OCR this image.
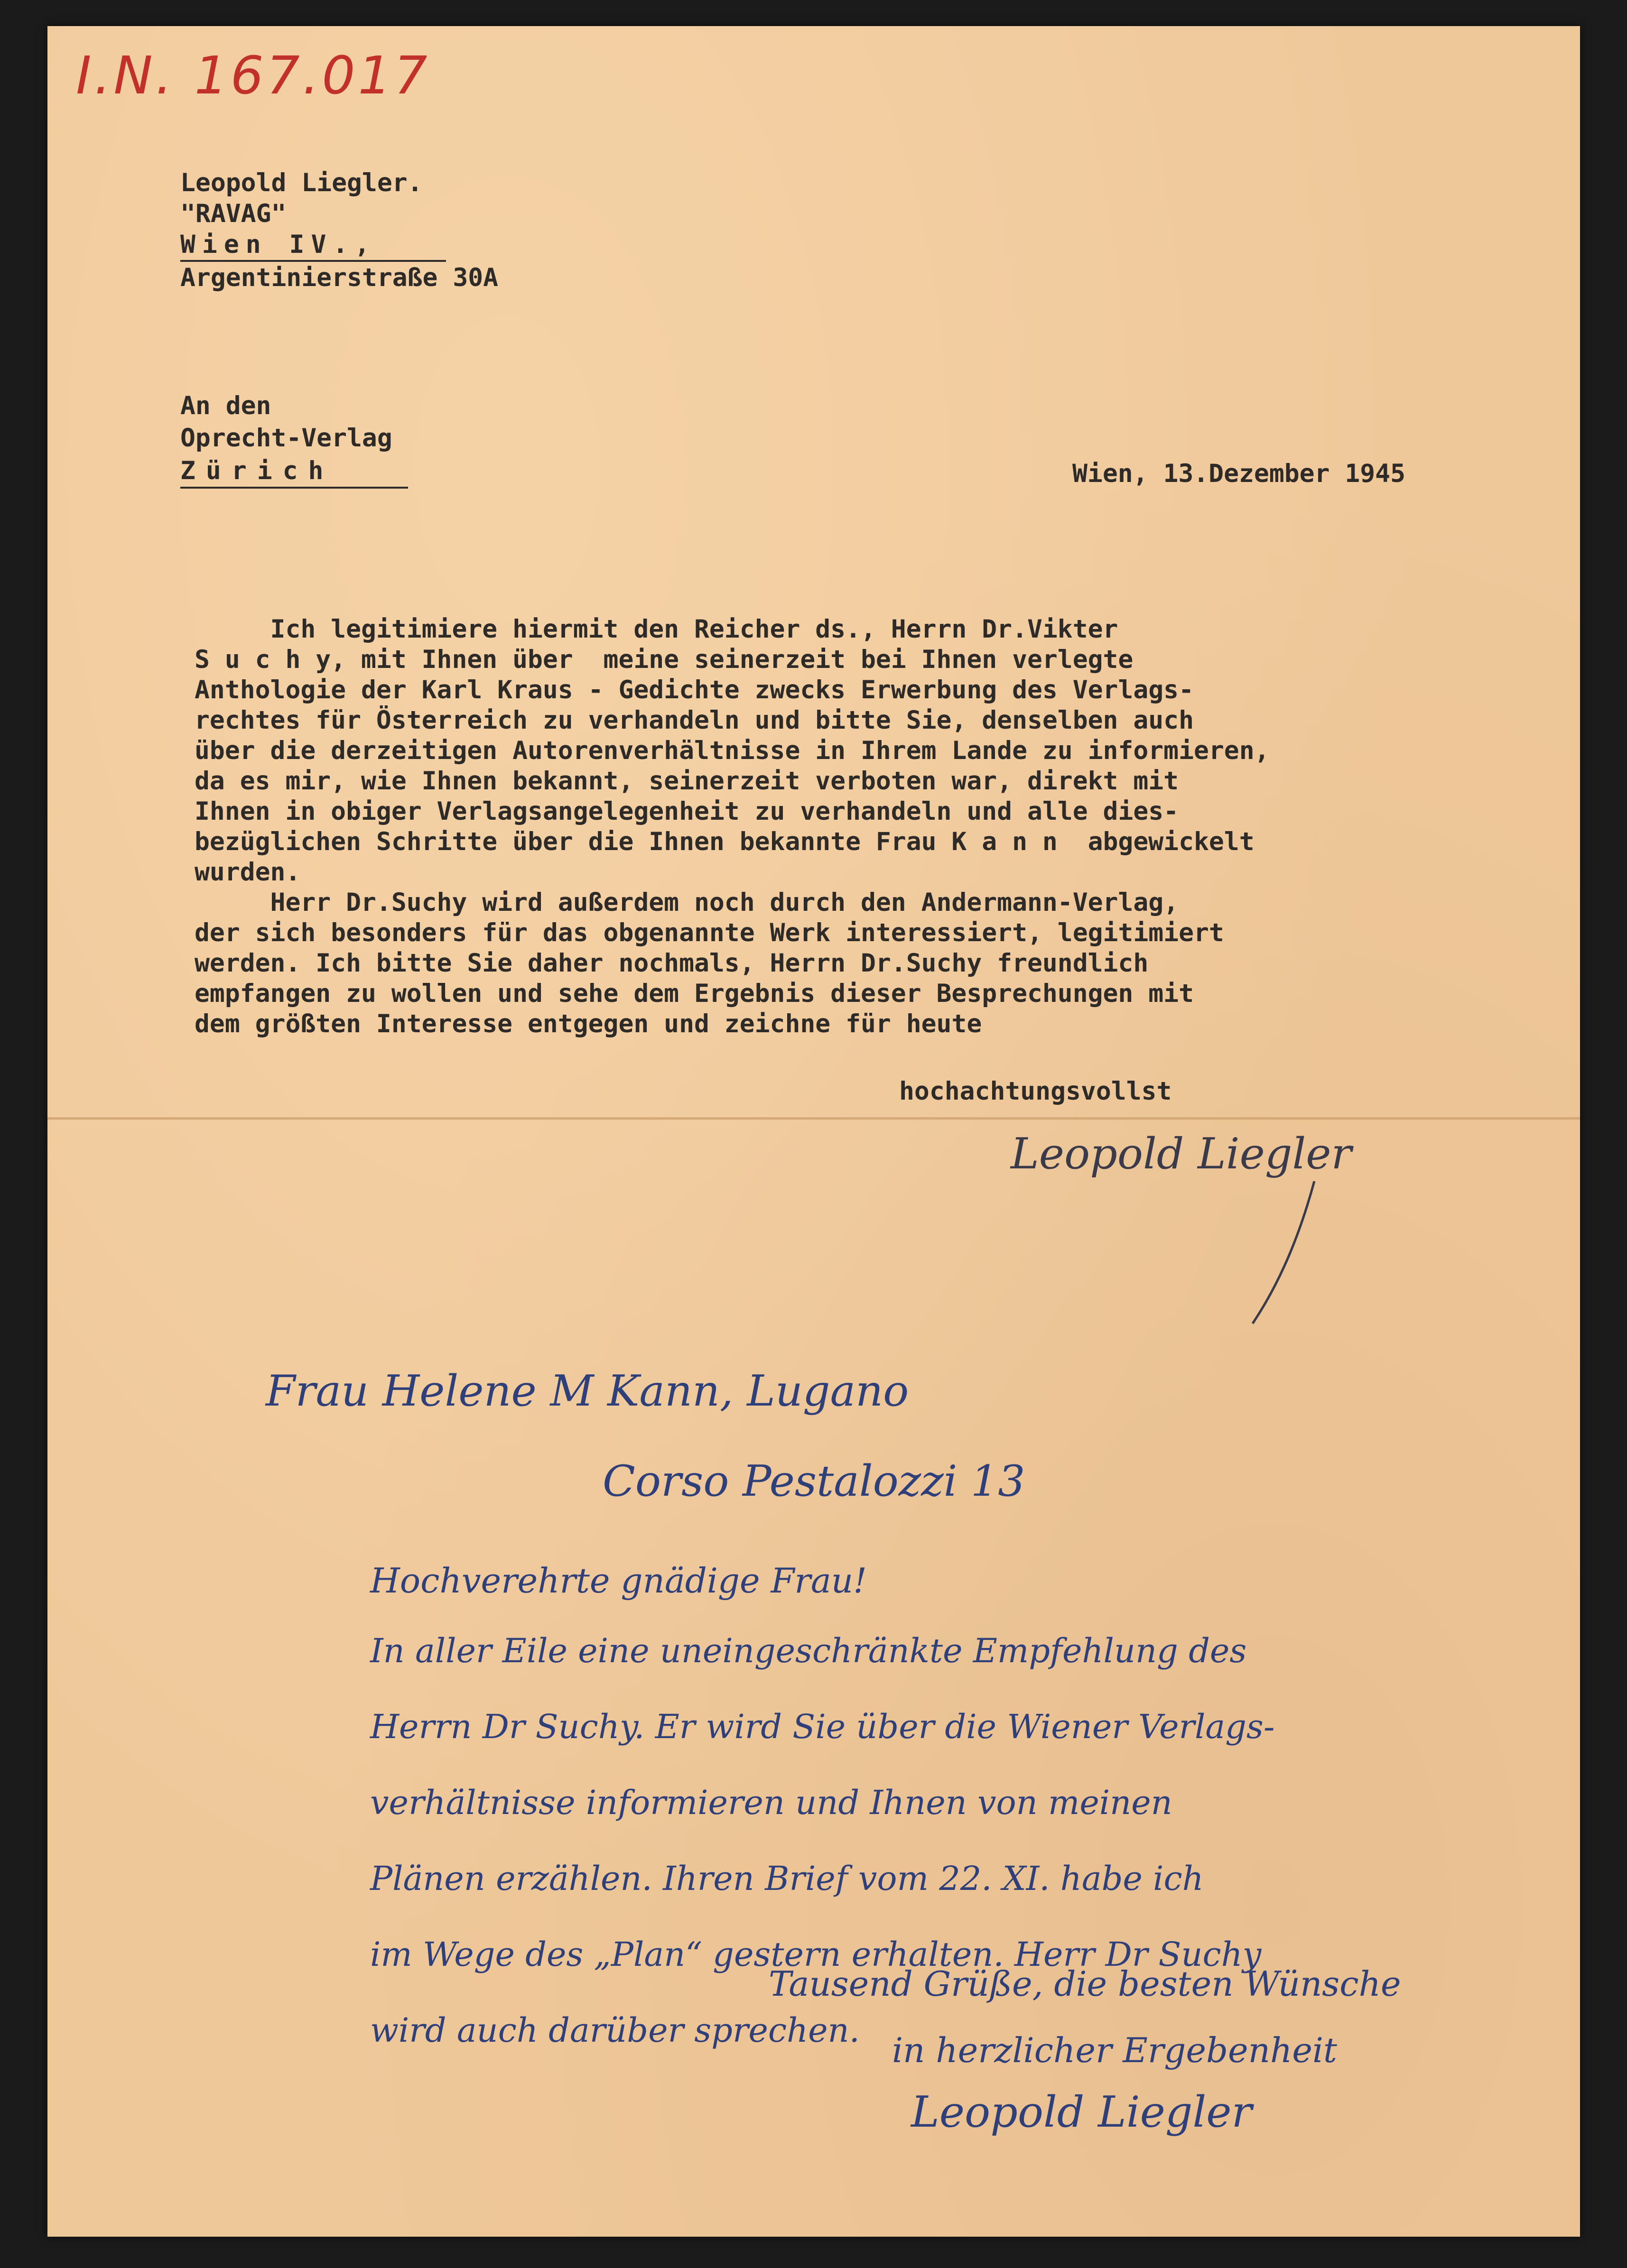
I.N. 167.017
Leopold Liegler.
"RAVAG"
Wien IV.,
Argentinierstraße 30A
An den
Oprecht-Verlag
Zürich	Wien, 13.Dezember 1945
Ich legitimiere hiermit den Reicher ds., Herrn Dr.Vikter
S u c h y, mit Ihnen über  meine seinerzeit bei Ihnen verlegte
Anthologie der Karl Kraus - Gedichte zwecks Erwerbung des Verlags-
rechtes für Österreich zu verhandeln und bitte Sie, denselben auch
über die derzeitigen Autorenverhältnisse in Ihrem Lande zu informieren,
da es mir, wie Ihnen bekannt, seinerzeit verboten war, direkt mit
Ihnen in obiger Verlagsangelegenheit zu verhandeln und alle dies-
bezüglichen Schritte über die Ihnen bekannte Frau K a n n  abgewickelt
wurden.
Herr Dr.Suchy wird außerdem noch durch den Andermann-Verlag,
der sich besonders für das obgenannte Werk interessiert, legitimiert
werden. Ich bitte Sie daher nochmals, Herrn Dr.Suchy freundlich
empfangen zu wollen und sehe dem Ergebnis dieser Besprechungen mit
dem größten Interesse entgegen und zeichne für heute
hochachtungsvollst
Leopold Liegler
Frau Helene M Kann, Lugano
Corso Pestalozzi 13
Hochverehrte gnädige Frau!
In aller Eile eine uneingeschränkte Empfehlung des
Herrn Dr Suchy. Er wird Sie über die Wiener Verlags-
verhältnisse informieren und Ihnen von meinen
Plänen erzählen. Ihren Brief vom 22. XI. habe ich
im Wege des „Plan“ gestern erhalten. Herr Dr Suchy
wird auch darüber sprechen.
Tausend Grüße, die besten Wünsche
in herzlicher Ergebenheit
Leopold Liegler
